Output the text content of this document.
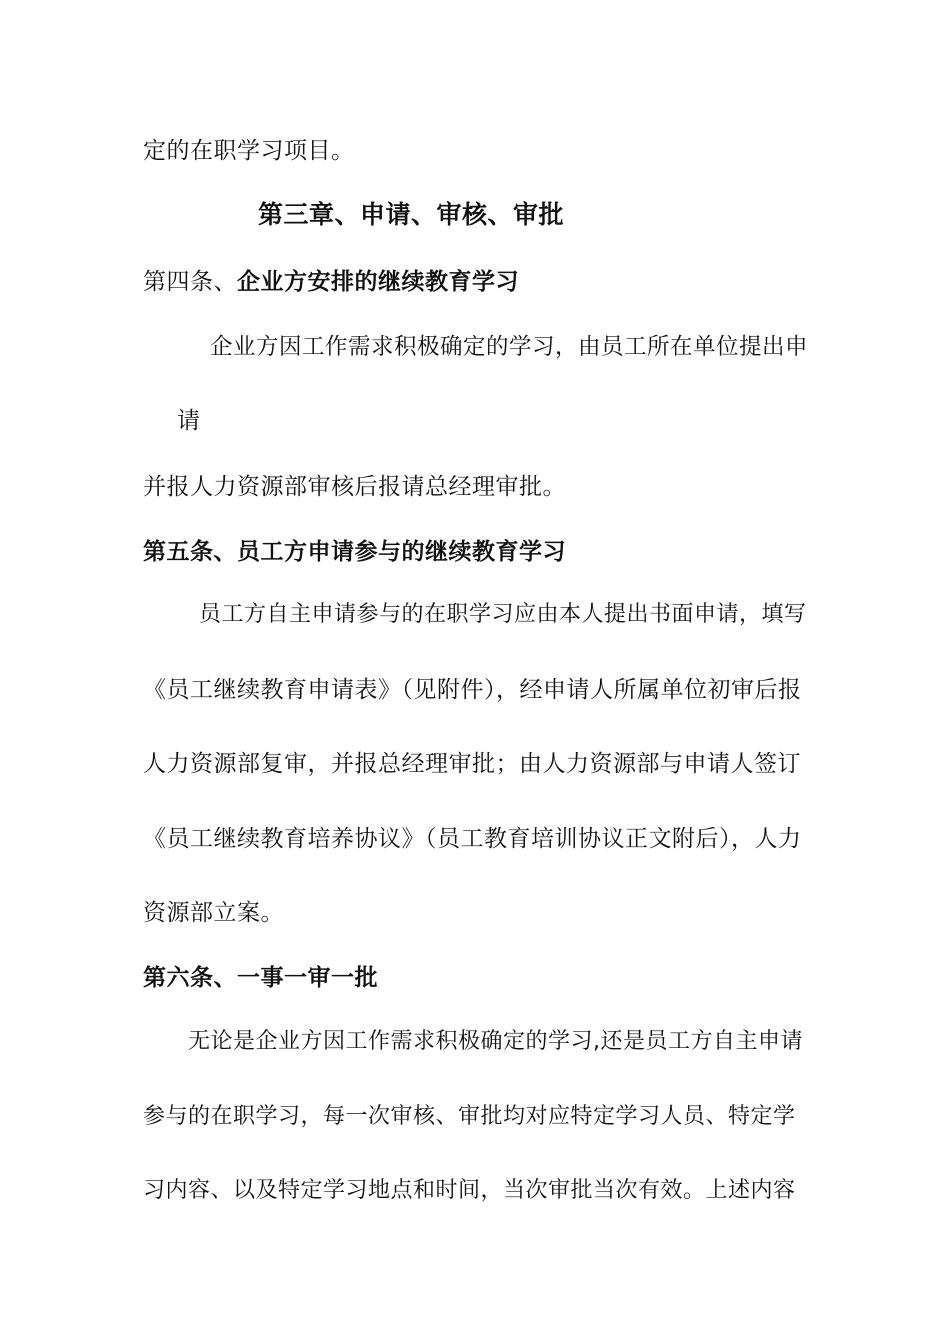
定的在职学习项目。
第三章、申请、审核、审批
第四条、企业方安排的继续教育学习
企业方因工作需求积极确定的学习，由员工所在单位提出申
请
并报人力资源部审核后报请总经理审批。
第五条、员工方申请参与的继续教育学习
员工方自主申请参与的在职学习应由本人提出书面申请，填写
《员工继续教育申请表》（见附件），经申请人所属单位初审后报
人力资源部复审，并报总经理审批；由人力资源部与申请人签订
《员工继续教育培养协议》（员工教育培训协议正文附后），人力
资源部立案。
第六条、一事一审一批
无论是企业方因工作需求积极确定的学习,还是员工方自主申请
参与的在职学习，每一次审核、审批均对应特定学习人员、特定学
习内容、以及特定学习地点和时间，当次审批当次有效。上述内容
